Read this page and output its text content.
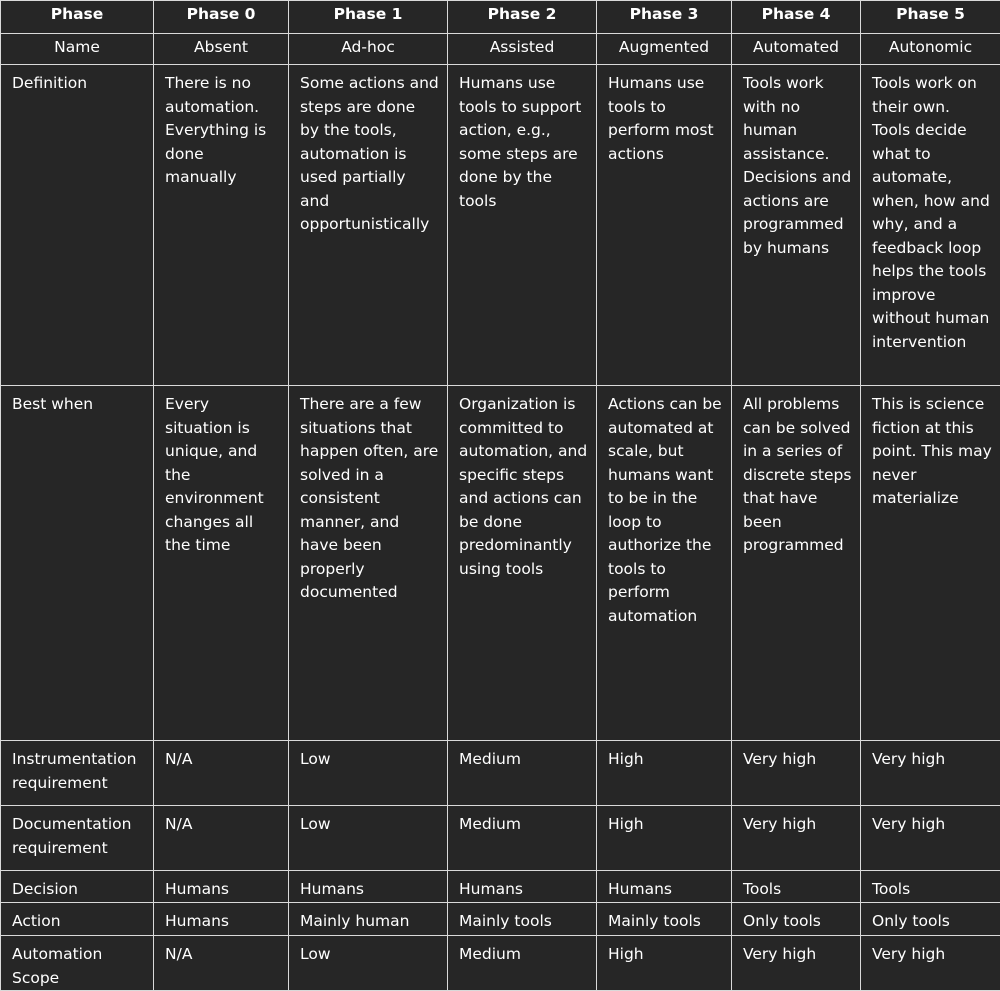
Phase	Phase 0	Phase 1	Phase 2	Phase 3	Phase 4	Phase 5

Name	Absent	Ad-hoc	Assisted	Augmented	Automated	Autonomic

Definition	There is no automation. Everything is done manually	Some actions and steps are done by the tools, automation is used partially and opportunistically	Humans use tools to support action, e.g., some steps are done by the tools	Humans use tools to perform most actions	Tools work with no human assistance. Decisions and actions are programmed by humans	Tools work on their own. Tools decide what to automate, when, how and why, and a feedback loop helps the tools improve without human intervention

Best when	Every situation is unique, and the environment changes all the time	There are a few situations that happen often, are solved in a consistent manner, and have been properly documented	Organization is committed to automation, and specific steps and actions can be done predominantly using tools	Actions can be automated at scale, but humans want to be in the loop to authorize the tools to perform automation	All problems can be solved in a series of discrete steps that have been programmed	This is science fiction at this point. This may never materialize

Instrumentation requirement	N/A	Low	Medium	High	Very high	Very high

Documentation requirement	N/A	Low	Medium	High	Very high	Very high

Decision	Humans	Humans	Humans	Humans	Tools	Tools

Action	Humans	Mainly human	Mainly tools	Mainly tools	Only tools	Only tools

Automation Scope	N/A	Low	Medium	High	Very high	Very high
